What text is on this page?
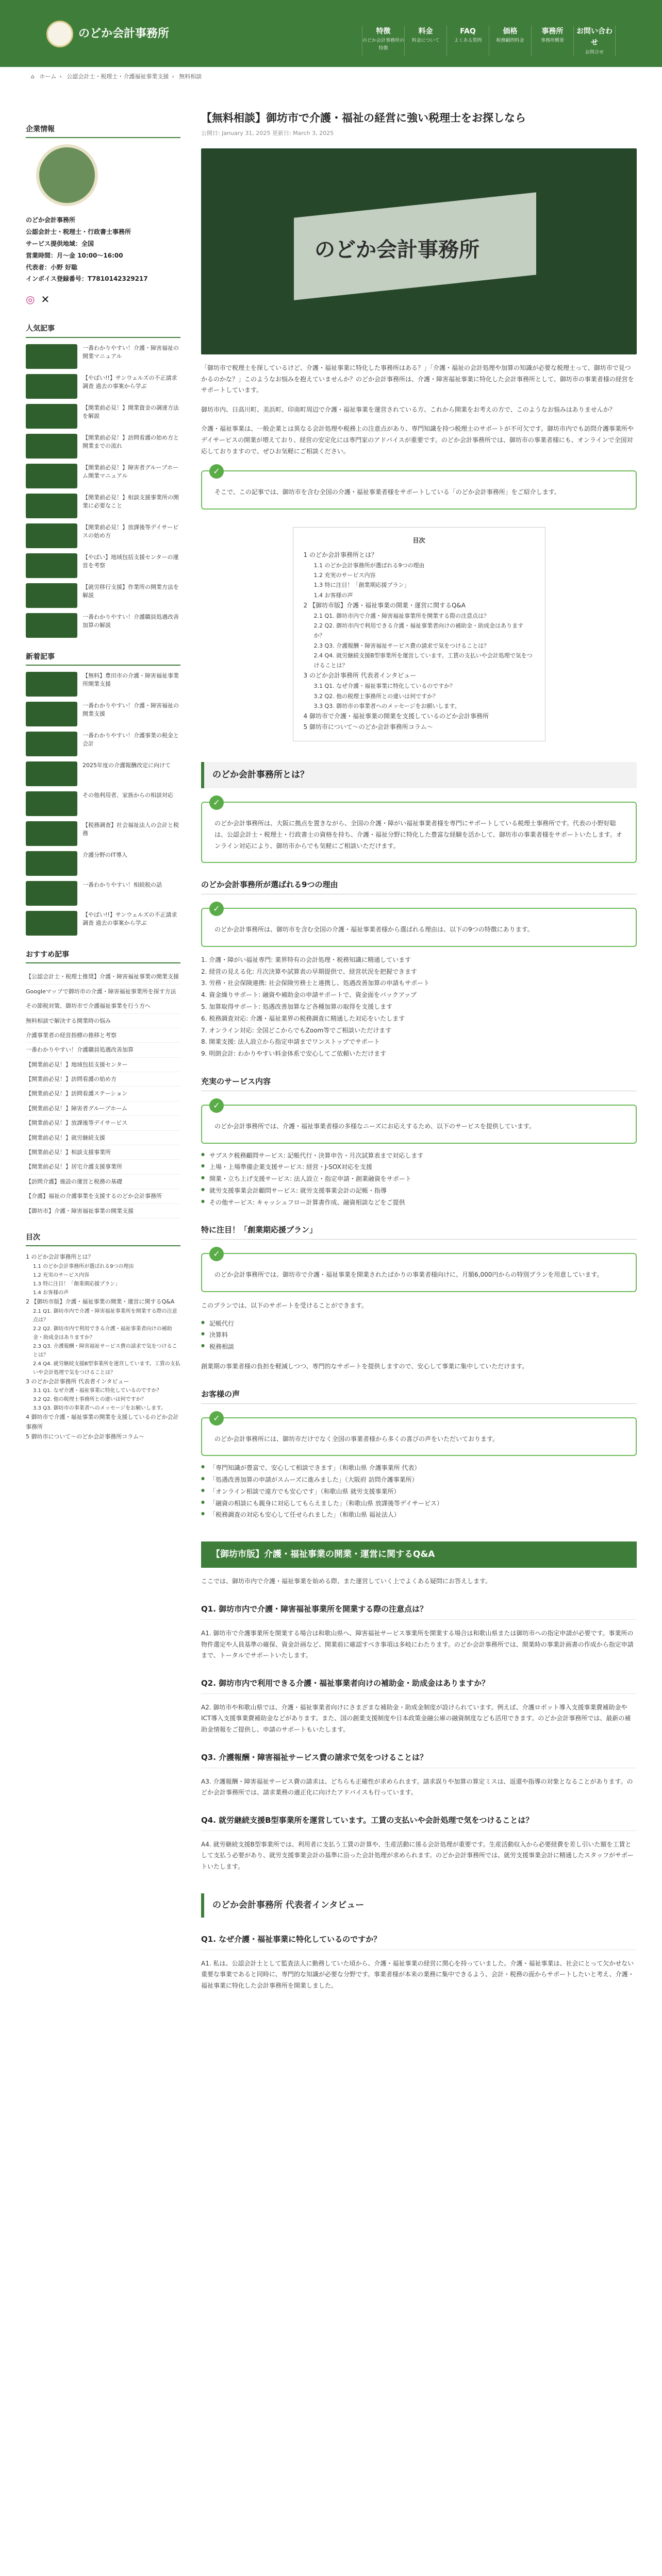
のどか会計事務所	特徴
のどか会計事務所の特徴
料金
料金について
FAQ
よくある質問
価格
税務顧問料金
事務所
事務所概要
お問い合わせ
お問合せ
⌂ ホーム › 公認会計士・税理士・介護福祉事業支援 › 無料相談
企業情報
のどか会計事務所
公認会計士・税理士・行政書士事務所
サービス提供地域：全国
営業時間：月〜金 10:00〜16:00
代表者：小野 好聡
インボイス登録番号：T7810142329217
◎ ✕
人気記事
一番わかりやすい！介護・障害福祉の開業マニュアル
【やばい!!】サンウェルズの不正請求調査 過去の事案から学ぶ
【開業前必見！】開業資金の調達方法を解説
【開業前必見！】訪問看護の始め方と開業までの流れ
【開業前必見！】障害者グループホーム開業マニュアル
【開業前必見！】相談支援事業所の開業に必要なこと
【開業前必見！】放課後等デイサービスの始め方
【やばい】地域包括支援センターの運営を考察
【就労移行支援】作業所の開業方法を解説
一番わかりやすい！介護職員処遇改善加算の解説
新着記事
【無料】豊田市の介護・障害福祉事業所開業支援
一番わかりやすい！介護・障害福祉の開業支援
一番わかりやすい！介護事業の税金と会計
2025年度の介護報酬改定に向けて
その他利用者、家族からの相談対応
【税務調査】社会福祉法人の会計と税務
介護分野のIT導入
一番わかりやすい！相続税の話
【やばい!!】サンウェルズの不正請求調査 過去の事案から学ぶ
おすすめ記事
【公認会計士・税理士推奨】介護・障害福祉事業の開業支援
Googleマップで御坊市の介護・障害福祉事業所を探す方法
その節税対策、御坊市で介護福祉事業を行う方へ
無料相談で解決する開業時の悩み
介護事業者の経営指標の推移と考察
一番わかりやすい！介護職員処遇改善加算
【開業前必見！】地域包括支援センター
【開業前必見！】訪問看護の始め方
【開業前必見！】訪問看護ステーション
【開業前必見！】障害者グループホーム
【開業前必見！】放課後等デイサービス
【開業前必見！】就労継続支援
【開業前必見！】相談支援事業所
【開業前必見！】居宅介護支援事業所
【訪問介護】施設の運営と税務の基礎
【介護】福祉の介護事業を支援するのどか会計事務所
【御坊市】介護・障害福祉事業の開業支援
目次
1 のどか会計事務所とは？
1.1 のどか会計事務所が選ばれる9つの理由
1.2 充実のサービス内容
1.3 特に注目！「創業期応援プラン」
1.4 お客様の声
2 【御坊市版】介護・福祉事業の開業・運営に関するQ&A
2.1 Q1. 御坊市内で介護・障害福祉事業所を開業する際の注意点は？
2.2 Q2. 御坊市内で利用できる介護・福祉事業者向けの補助金・助成金はありますか？
2.3 Q3. 介護報酬・障害福祉サービス費の請求で気をつけることは？
2.4 Q4. 就労継続支援B型事業所を運営しています。工賃の支払いや会計処理で気をつけることは？
3 のどか会計事務所 代表者インタビュー
3.1 Q1. なぜ介護・福祉事業に特化しているのですか？
3.2 Q2. 他の税理士事務所との違いは何ですか？
3.3 Q3. 御坊市の事業者へのメッセージをお願いします。
4 御坊市で介護・福祉事業の開業を支援しているのどか会計事務所
5 御坊市について〜のどか会計事務所コラム〜
【無料相談】御坊市で介護・福祉の経営に強い税理士をお探しなら
公開日: January 31, 2025 更新日: March 3, 2025
のどか会計事務所

「御坊市で税理士を探しているけど、介護・福祉事業に特化した事務所はある？」「介護・福祉の会計処理や加算の知識が必要な税理士って、御坊市で見つかるのかな？」このようなお悩みを抱えていませんか？のどか会計事務所は、介護・障害福祉事業に特化した会計事務所として、御坊市の事業者様の経営をサポートしています。

御坊市内、日高川町、美浜町、印南町周辺で介護・福祉事業を運営されている方、これから開業をお考えの方で、このようなお悩みはありませんか？

介護・福祉事業は、一般企業とは異なる会計処理や税務上の注意点があり、専門知識を持つ税理士のサポートが不可欠です。御坊市内でも訪問介護事業所やデイサービスの開業が増えており、経営の安定化には専門家のアドバイスが重要です。のどか会計事務所では、御坊市の事業者様にも、オンラインで全国対応しておりますので、ぜひお気軽にご相談ください。

✓

そこで、この記事では、御坊市を含む全国の介護・福祉事業者様をサポートしている「のどか会計事務所」をご紹介します。

目次
1 のどか会計事務所とは？
1.1 のどか会計事務所が選ばれる9つの理由
1.2 充実のサービス内容
1.3 特に注目！「創業期応援プラン」
1.4 お客様の声
2 【御坊市版】介護・福祉事業の開業・運営に関するQ&A
2.1 Q1. 御坊市内で介護・障害福祉事業所を開業する際の注意点は？
2.2 Q2. 御坊市内で利用できる介護・福祉事業者向けの補助金・助成金はありますか？
2.3 Q3. 介護報酬・障害福祉サービス費の請求で気をつけることは？
2.4 Q4. 就労継続支援B型事業所を運営しています。工賃の支払いや会計処理で気をつけることは？
3 のどか会計事務所 代表者インタビュー
3.1 Q1. なぜ介護・福祉事業に特化しているのですか？
3.2 Q2. 他の税理士事務所との違いは何ですか？
3.3 Q3. 御坊市の事業者へのメッセージをお願いします。
4 御坊市で介護・福祉事業の開業を支援しているのどか会計事務所
5 御坊市について〜のどか会計事務所コラム〜
のどか会計事務所とは？
✓

のどか会計事務所は、大阪に拠点を置きながら、全国の介護・障がい福祉事業者様を専門にサポートしている税理士事務所です。代表の小野好聡は、公認会計士・税理士・行政書士の資格を持ち、介護・福祉分野に特化した豊富な経験を活かして、御坊市の事業者様をサポートいたします。オンライン対応により、御坊市からでも気軽にご相談いただけます。

のどか会計事務所が選ばれる9つの理由
✓

のどか会計事務所は、御坊市を含む全国の介護・福祉事業者様から選ばれる理由は、以下の9つの特徴にあります。

1. 介護・障がい福祉専門: 業界特有の会計処理・税務知識に精通しています
2. 経営の見える化: 月次決算や試算表の早期提供で、経営状況を把握できます
3. 労務・社会保険連携: 社会保険労務士と連携し、処遇改善加算の申請もサポート
4. 資金繰りサポート: 融資や補助金の申請サポートで、資金面をバックアップ
5. 加算取得サポート: 処遇改善加算など各種加算の取得を支援します
6. 税務調査対応: 介護・福祉業界の税務調査に精通した対応をいたします
7. オンライン対応: 全国どこからでもZoom等でご相談いただけます
8. 開業支援: 法人設立から指定申請までワンストップでサポート
9. 明朗会計: わかりやすい料金体系で安心してご依頼いただけます
充実のサービス内容
✓

のどか会計事務所では、介護・福祉事業者様の多様なニーズにお応えするため、以下のサービスを提供しています。

● サブスク税務顧問サービス: 記帳代行・決算申告・月次試算表まで対応します
● 上場・上場準備企業支援サービス: 経営・J-SOX対応を支援
● 開業・立ち上げ支援サービス: 法人設立・指定申請・創業融資をサポート
● 就労支援事業会計顧問サービス: 就労支援事業会計の記帳・指導
● その他サービス: キャッシュフロー計算書作成、融資相談などをご提供
特に注目！「創業期応援プラン」
✓

のどか会計事務所では、御坊市で介護・福祉事業を開業されたばかりの事業者様向けに、月額6,000円からの特別プランを用意しています。

このプランでは、以下のサポートを受けることができます。

● 記帳代行
● 決算料
● 税務相談

創業期の事業者様の負担を軽減しつつ、専門的なサポートを提供しますので、安心して事業に集中していただけます。

お客様の声
✓

のどか会計事務所には、御坊市だけでなく全国の事業者様から多くの喜びの声をいただいております。

● 「専門知識が豊富で、安心して相談できます」（和歌山県 介護事業所 代表）
● 「処遇改善加算の申請がスムーズに進みました」（大阪府 訪問介護事業所）
● 「オンライン相談で遠方でも安心です」（和歌山県 就労支援事業所）
● 「融資の相談にも親身に対応してもらえました」（和歌山県 放課後等デイサービス）
● 「税務調査の対応も安心して任せられました」（和歌山県 福祉法人）
【御坊市版】介護・福祉事業の開業・運営に関するQ&A

ここでは、御坊市内で介護・福祉事業を始める際、また運営していく上でよくある疑問にお答えします。

Q1. 御坊市内で介護・障害福祉事業所を開業する際の注意点は？

A1. 御坊市で介護事業所を開業する場合は和歌山県へ、障害福祉サービス事業所を開業する場合は和歌山県または御坊市への指定申請が必要です。事業所の物件選定や人員基準の確保、資金計画など、開業前に確認すべき事項は多岐にわたります。のどか会計事務所では、開業時の事業計画書の作成から指定申請まで、トータルでサポートいたします。

Q2. 御坊市内で利用できる介護・福祉事業者向けの補助金・助成金はありますか？

A2. 御坊市や和歌山県では、介護・福祉事業者向けにさまざまな補助金・助成金制度が設けられています。例えば、介護ロボット導入支援事業費補助金やICT導入支援事業費補助金などがあります。また、国の創業支援制度や日本政策金融公庫の融資制度なども活用できます。のどか会計事務所では、最新の補助金情報をご提供し、申請のサポートもいたします。

Q3. 介護報酬・障害福祉サービス費の請求で気をつけることは？

A3. 介護報酬・障害福祉サービス費の請求は、どちらも正確性が求められます。請求誤りや加算の算定ミスは、返還や指導の対象となることがあります。のどか会計事務所では、請求業務の適正化に向けたアドバイスも行っています。

Q4. 就労継続支援B型事業所を運営しています。工賃の支払いや会計処理で気をつけることは？

A4. 就労継続支援B型事業所では、利用者に支払う工賃の計算や、生産活動に係る会計処理が重要です。生産活動収入から必要経費を差し引いた額を工賃として支払う必要があり、就労支援事業会計の基準に沿った会計処理が求められます。のどか会計事務所では、就労支援事業会計に精通したスタッフがサポートいたします。

のどか会計事務所 代表者インタビュー
Q1. なぜ介護・福祉事業に特化しているのですか？

A1. 私は、公認会計士として監査法人に勤務していた頃から、介護・福祉事業の経営に関心を持っていました。介護・福祉事業は、社会にとって欠かせない重要な事業であると同時に、専門的な知識が必要な分野です。事業者様が本来の業務に集中できるよう、会計・税務の面からサポートしたいと考え、介護・福祉事業に特化した会計事務所を開業しました。
